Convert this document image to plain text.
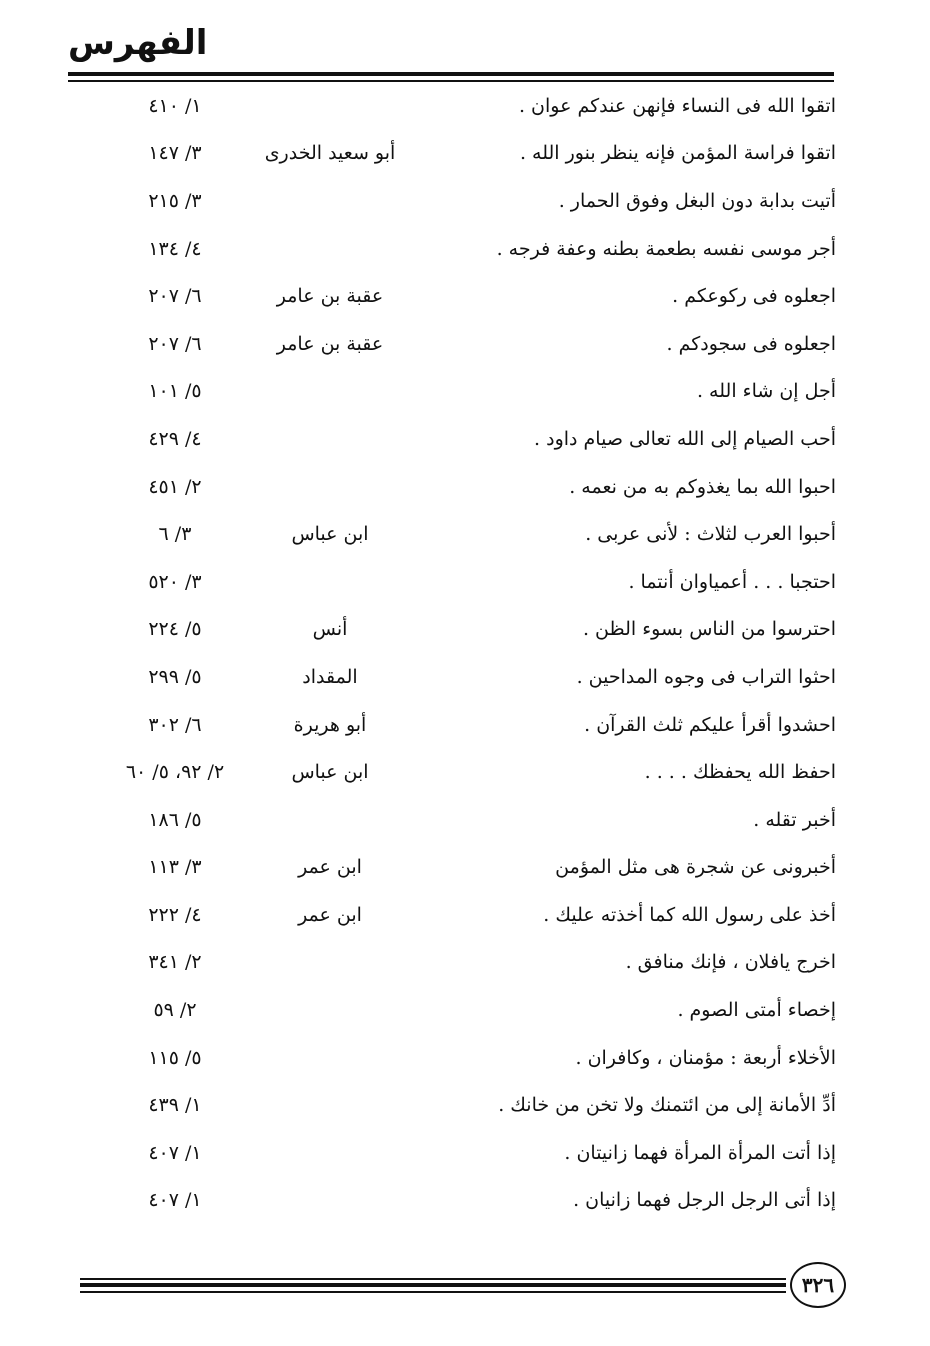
الفهرس
اتقوا الله فى النساء فإنهن عندكم عوان .
١/ ٤١٠
اتقوا فراسة المؤمن فإنه ينظر بنور الله .
أبو سعيد الخدرى
٣/ ١٤٧
أتيت بدابة دون البغل وفوق الحمار .
٣/ ٢١٥
أجر موسى نفسه بطعمة بطنه وعفة فرجه .
٤/ ١٣٤
اجعلوه فى ركوعكم .
عقبة بن عامر
٦/ ٢٠٧
اجعلوه فى سجودكم .
عقبة بن عامر
٦/ ٢٠٧
أجل إن شاء الله .
٥/ ١٠١
أحب الصيام إلى الله تعالى صيام داود .
٤/ ٤٢٩
احبوا الله بما يغذوكم به من نعمه .
٢/ ٤٥١
أحبوا العرب لثلاث : لأنى عربى .
ابن عباس
٣/ ٦
احتجبا . . . أعمياوان أنتما .
٣/ ٥٢٠
احترسوا من الناس بسوء الظن .
أنس
٥/ ٢٢٤
احثوا التراب فى وجوه المداحين .
المقداد
٥/ ٢٩٩
احشدوا أقرأ عليكم ثلث القرآن .
أبو هريرة
٦/ ٣٠٢
احفظ الله يحفظك . . . .
ابن عباس
٢/ ٩٢، ٥/ ٦٠
أخبر تقله .
٥/ ١٨٦
أخبرونى عن شجرة هى مثل المؤمن
ابن عمر
٣/ ١١٣
أخذ على رسول الله كما أخذته عليك .
ابن عمر
٤/ ٢٢٢
اخرج يافلان ، فإنك منافق .
٢/ ٣٤١
إخصاء أمتى الصوم .
٢/ ٥٩
الأخلاء أربعة : مؤمنان ، وكافران .
٥/ ١١٥
أدِّ الأمانة إلى من ائتمنك ولا تخن من خانك .
١/ ٤٣٩
إذا أتت المرأة المرأة فهما زانيتان .
١/ ٤٠٧
إذا أتى الرجل الرجل فهما زانيان .
١/ ٤٠٧
٣٢٦
